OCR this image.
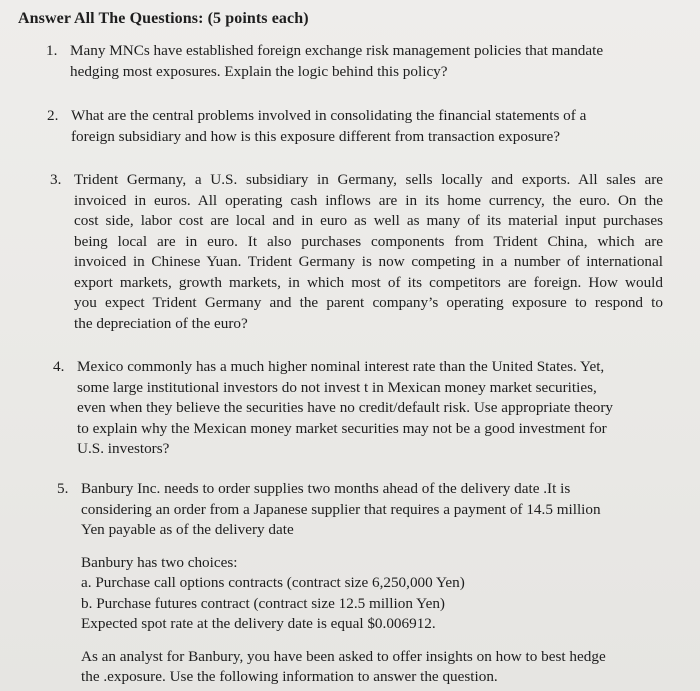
Answer All The Questions: (5 points each)
1. Many MNCs have established foreign exchange risk management policies that mandate
hedging most exposures. Explain the logic behind this policy?
2. What are the central problems involved in consolidating the financial statements of a
foreign subsidiary and how is this exposure different from transaction exposure?
3. Trident Germany, a U.S. subsidiary in Germany, sells locally and exports. All sales are
invoiced in euros. All operating cash inflows are in its home currency, the euro. On the
cost side, labor cost are local and in euro as well as many of its material input purchases
being local are in euro. It also purchases components from Trident China, which are
invoiced in Chinese Yuan. Trident Germany is now competing in a number of international
export markets, growth markets, in which most of its competitors are foreign. How would
you expect Trident Germany and the parent company’s operating exposure to respond to
the depreciation of the euro?
4. Mexico commonly has a much higher nominal interest rate than the United States. Yet,
some large institutional investors do not invest t in Mexican money market securities,
even when they believe the securities have no credit/default risk. Use appropriate theory
to explain why the Mexican money market securities may not be a good investment for
U.S. investors?
5. Banbury Inc. needs to order supplies two months ahead of the delivery date .It is
considering an order from a Japanese supplier that requires a payment of 14.5 million
Yen payable as of the delivery date
Banbury has two choices:
a. Purchase call options contracts (contract size 6,250,000 Yen)
b. Purchase futures contract (contract size 12.5 million Yen)
Expected spot rate at the delivery date is equal $0.006912.
As an analyst for Banbury, you have been asked to offer insights on how to best hedge
the .exposure. Use the following information to answer the question.
